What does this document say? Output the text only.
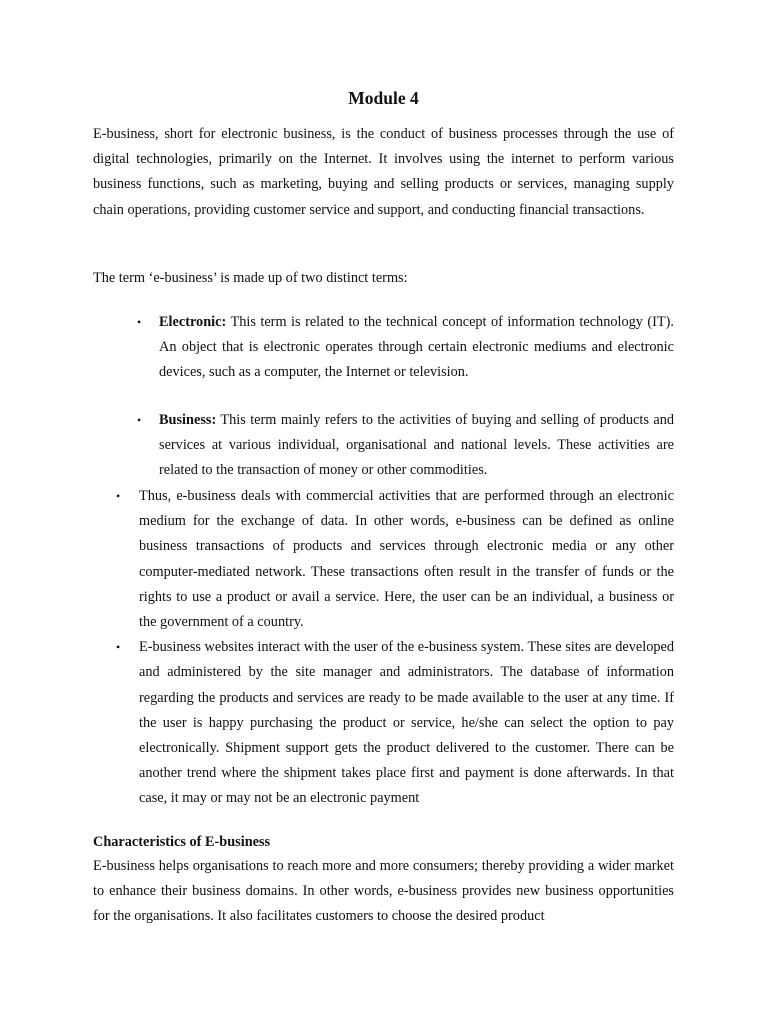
Module 4

E-business, short for electronic business, is the conduct of business processes through the use of digital technologies, primarily on the Internet. It involves using the internet to perform various business functions, such as marketing, buying and selling products or services, managing supply chain operations, providing customer service and support, and conducting financial transactions.

The term ‘e-business’ is made up of two distinct terms:

• Electronic: This term is related to the technical concept of information technology (IT). An object that is electronic operates through certain electronic mediums and electronic devices, such as a computer, the Internet or television.
• Business: This term mainly refers to the activities of buying and selling of products and services at various individual, organisational and national levels. These activities are related to the transaction of money or other commodities.
• Thus, e-business deals with commercial activities that are performed through an electronic medium for the exchange of data. In other words, e-business can be defined as online business transactions of products and services through electronic media or any other computer-mediated network. These transactions often result in the transfer of funds or the rights to use a product or avail a service. Here, the user can be an individual, a business or the government of a country.
• E-business websites interact with the user of the e-business system. These sites are developed and administered by the site manager and administrators. The database of information regarding the products and services are ready to be made available to the user at any time. If the user is happy purchasing the product or service, he/she can select the option to pay electronically. Shipment support gets the product delivered to the customer. There can be another trend where the shipment takes place first and payment is done afterwards. In that case, it may or may not be an electronic payment
Characteristics of E-business

E-business helps organisations to reach more and more consumers; thereby providing a wider market to enhance their business domains. In other words, e-business provides new business opportunities for the organisations. It also facilitates customers to choose the desired product
